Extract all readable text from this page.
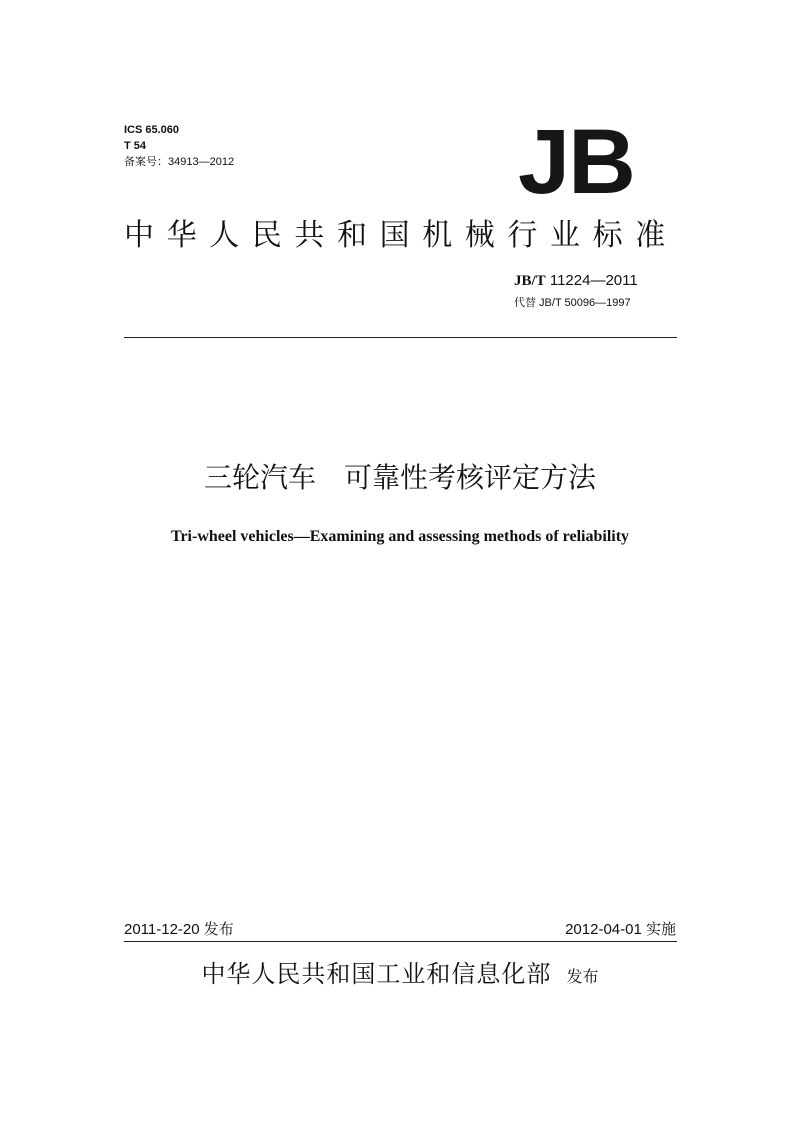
ICS 65.060
T 54
备案号：34913—2012	JB
中华人民共和国机械行业标准
JB/T 11224—2011
代替 JB/T 50096—1997
三轮汽车　可靠性考核评定方法
Tri-wheel vehicles—Examining and assessing methods of reliability
2011-12-20 发布	2012-04-01 实施
中华人民共和国工业和信息化部 发布
